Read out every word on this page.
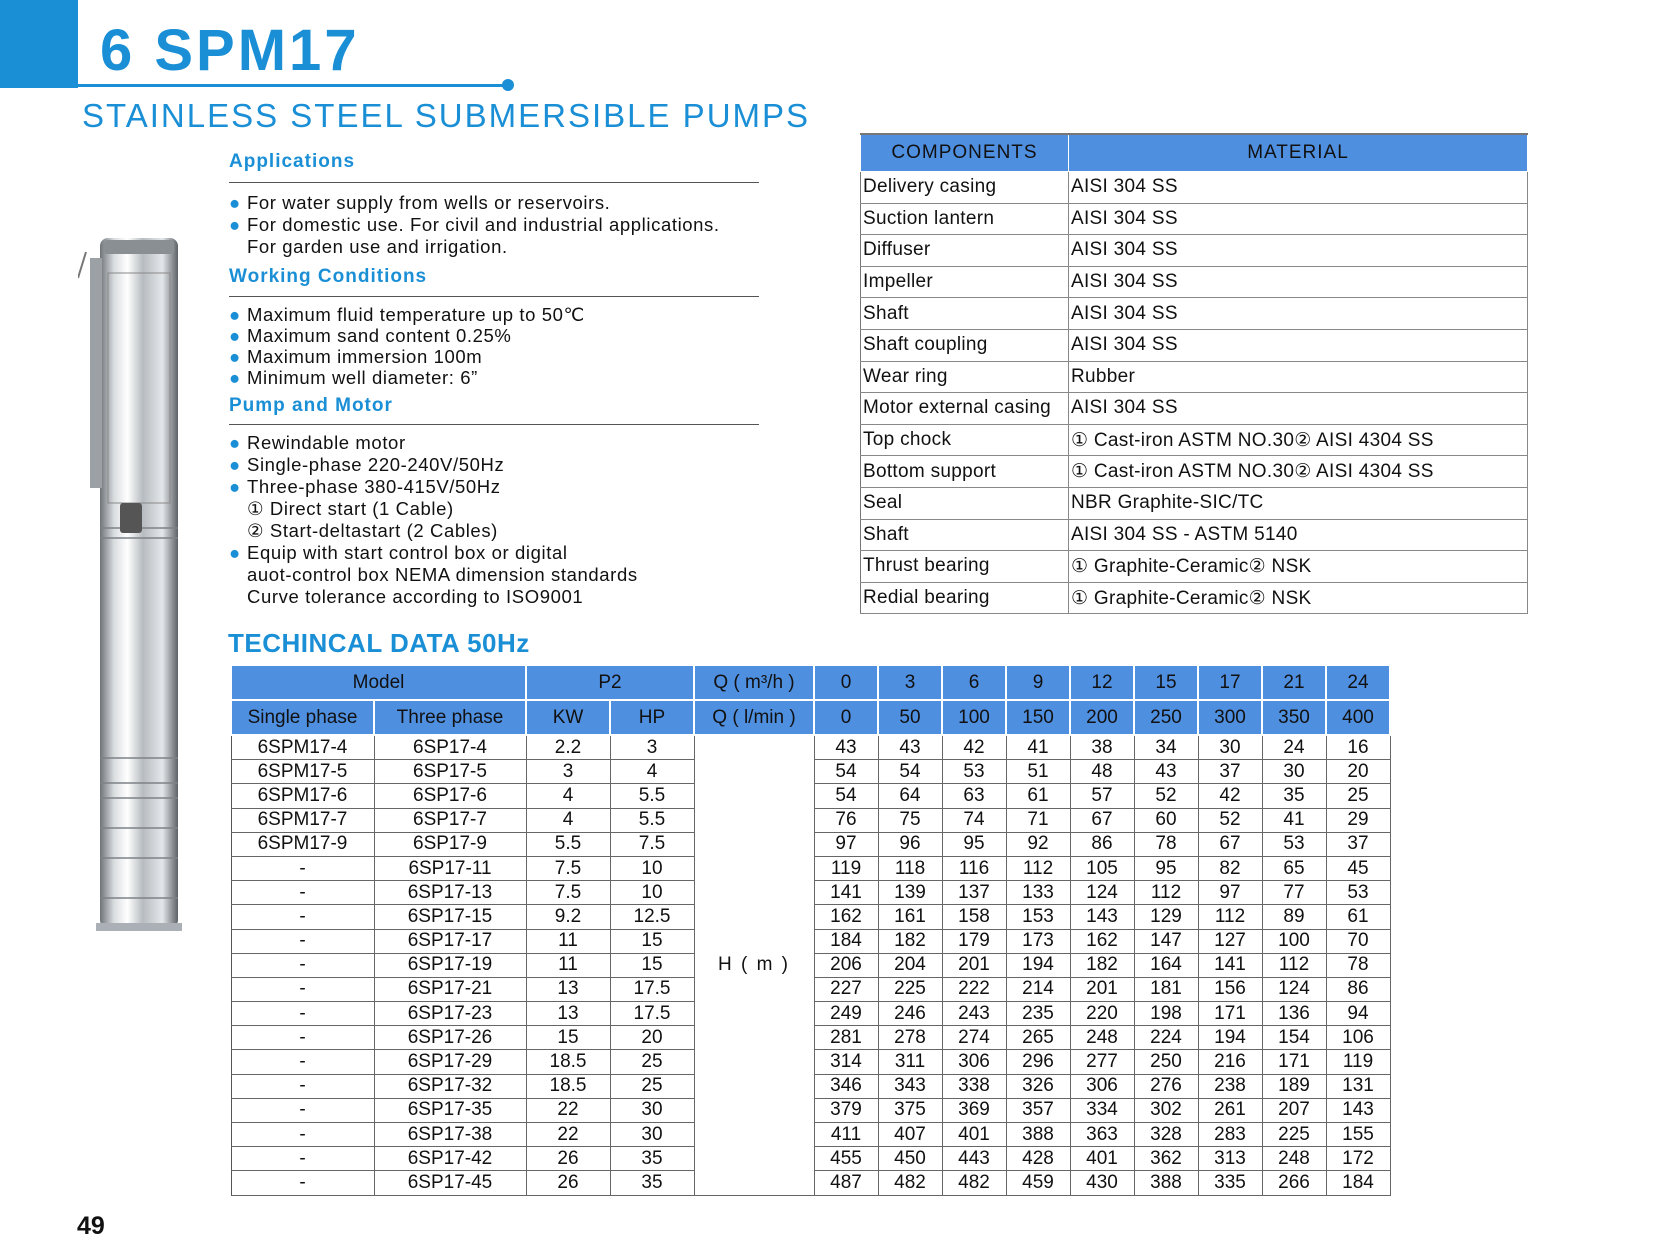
6 SPM17
STAINLESS STEEL SUBMERSIBLE PUMPS
Applications
● For water supply from wells or reservoirs.
● For domestic use. For civil and industrial applications.
For garden use and irrigation.
Working Conditions
● Maximum fluid temperature up to 50℃
● Maximum sand content 0.25%
● Maximum immersion 100m
● Minimum well diameter: 6”
Pump and Motor
● Rewindable motor
● Single-phase 220-240V/50Hz
● Three-phase 380-415V/50Hz
① Direct start (1 Cable)
② Start-deltastart (2 Cables)
● Equip with start control box or digital
auot-control box NEMA dimension standards
Curve tolerance according to ISO9001
COMPONENTS	MATERIAL
Delivery casing	AISI 304 SS
Suction lantern	AISI 304 SS
Diffuser	AISI 304 SS
Impeller	AISI 304 SS
Shaft	AISI 304 SS
Shaft coupling	AISI 304 SS
Wear ring	Rubber
Motor external casing	AISI 304 SS
Top chock	① Cast-iron ASTM NO.30② AISI 4304 SS
Bottom support	① Cast-iron ASTM NO.30② AISI 4304 SS
Seal	NBR Graphite-SIC/TC
Shaft	AISI 304 SS - ASTM 5140
Thrust bearing	① Graphite-Ceramic② NSK
Redial bearing	① Graphite-Ceramic② NSK
TECHINCAL DATA 50Hz
Model		P2		Q ( m³/h )	0	3	6	9	12	15	17	21	24
Single phase	Three phase	KW	HP	Q ( l/min )	0	50	100	150	200	250	300	350	400
6SPM17-4	6SP17-4	2.2	3	H ( m )	43	43	42	41	38	34	30	24	16
6SPM17-5	6SP17-5	3	4		54	54	53	51	48	43	37	30	20
6SPM17-6	6SP17-6	4	5.5		54	64	63	61	57	52	42	35	25
6SPM17-7	6SP17-7	4	5.5		76	75	74	71	67	60	52	41	29
6SPM17-9	6SP17-9	5.5	7.5		97	96	95	92	86	78	67	53	37
-	6SP17-11	7.5	10		119	118	116	112	105	95	82	65	45
-	6SP17-13	7.5	10		141	139	137	133	124	112	97	77	53
-	6SP17-15	9.2	12.5		162	161	158	153	143	129	112	89	61
-	6SP17-17	11	15		184	182	179	173	162	147	127	100	70
-	6SP17-19	11	15		206	204	201	194	182	164	141	112	78
-	6SP17-21	13	17.5		227	225	222	214	201	181	156	124	86
-	6SP17-23	13	17.5		249	246	243	235	220	198	171	136	94
-	6SP17-26	15	20		281	278	274	265	248	224	194	154	106
-	6SP17-29	18.5	25		314	311	306	296	277	250	216	171	119
-	6SP17-32	18.5	25		346	343	338	326	306	276	238	189	131
-	6SP17-35	22	30		379	375	369	357	334	302	261	207	143
-	6SP17-38	22	30		411	407	401	388	363	328	283	225	155
-	6SP17-42	26	35		455	450	443	428	401	362	313	248	172
-	6SP17-45	26	35		487	482	482	459	430	388	335	266	184
49
